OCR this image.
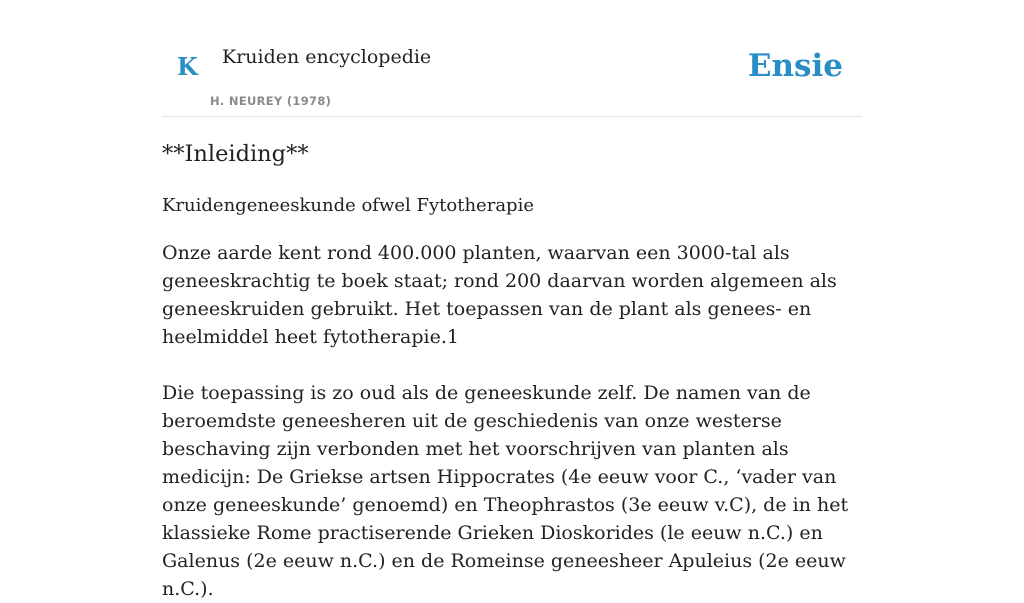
K Kruiden encyclopedie
H. NEUREY (1978)
Ensie
**Inleiding**

Kruidengeneeskunde ofwel Fytotherapie

Onze aarde kent rond 400.000 planten, waarvan een 3000-tal als geneeskrachtig te boek staat; rond 200 daarvan worden algemeen als geneeskruiden gebruikt. Het toepassen van de plant als genees- en heelmiddel heet fytotherapie.1

Die toepassing is zo oud als de geneeskunde zelf. De namen van de beroemdste geneesheren uit de geschiedenis van onze westerse beschaving zijn verbonden met het voorschrijven van planten als medicijn: De Griekse artsen Hippocrates (4e eeuw voor C., ‘vader van onze geneeskunde’ genoemd) en Theophrastos (3e eeuw v.C), de in het klassieke Rome practiserende Grieken Dioskorides (le eeuw n.C.) en Galenus (2e eeuw n.C.) en de Romeinse geneesheer Apuleius (2e eeuw n.C.).
